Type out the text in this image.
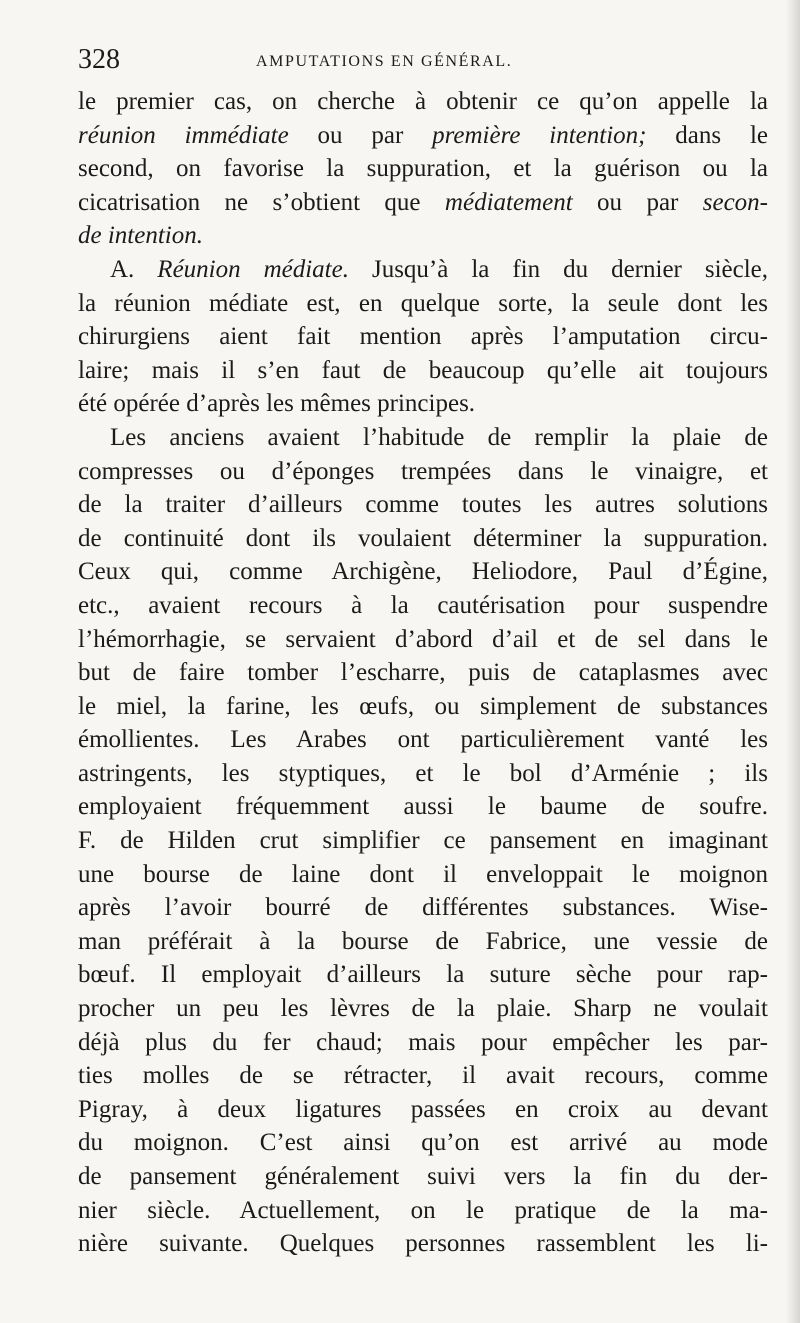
328	AMPUTATIONS EN GÉNÉRAL.
le premier cas, on cherche à obtenir ce qu’on appelle la
réunion immédiate ou par première intention; dans le
second, on favorise la suppuration, et la guérison ou la
cicatrisation ne s’obtient que médiatement ou par secon-
de intention.
A. Réunion médiate. Jusqu’à la fin du dernier siècle,
la réunion médiate est, en quelque sorte, la seule dont les
chirurgiens aient fait mention après l’amputation circu-
laire; mais il s’en faut de beaucoup qu’elle ait toujours
été opérée d’après les mêmes principes.
Les anciens avaient l’habitude de remplir la plaie de
compresses ou d’éponges trempées dans le vinaigre, et
de la traiter d’ailleurs comme toutes les autres solutions
de continuité dont ils voulaient déterminer la suppuration.
Ceux qui, comme Archigène, Heliodore, Paul d’Égine,
etc., avaient recours à la cautérisation pour suspendre
l’hémorrhagie, se servaient d’abord d’ail et de sel dans le
but de faire tomber l’escharre, puis de cataplasmes avec
le miel, la farine, les œufs, ou simplement de substances
émollientes. Les Arabes ont particulièrement vanté les
astringents, les styptiques, et le bol d’Arménie ; ils
employaient fréquemment aussi le baume de soufre.
F. de Hilden crut simplifier ce pansement en imaginant
une bourse de laine dont il enveloppait le moignon
après l’avoir bourré de différentes substances. Wise-
man préférait à la bourse de Fabrice, une vessie de
bœuf. Il employait d’ailleurs la suture sèche pour rap-
procher un peu les lèvres de la plaie. Sharp ne voulait
déjà plus du fer chaud; mais pour empêcher les par-
ties molles de se rétracter, il avait recours, comme
Pigray, à deux ligatures passées en croix au devant
du moignon. C’est ainsi qu’on est arrivé au mode
de pansement généralement suivi vers la fin du der-
nier siècle. Actuellement, on le pratique de la ma-
nière suivante. Quelques personnes rassemblent les li-
